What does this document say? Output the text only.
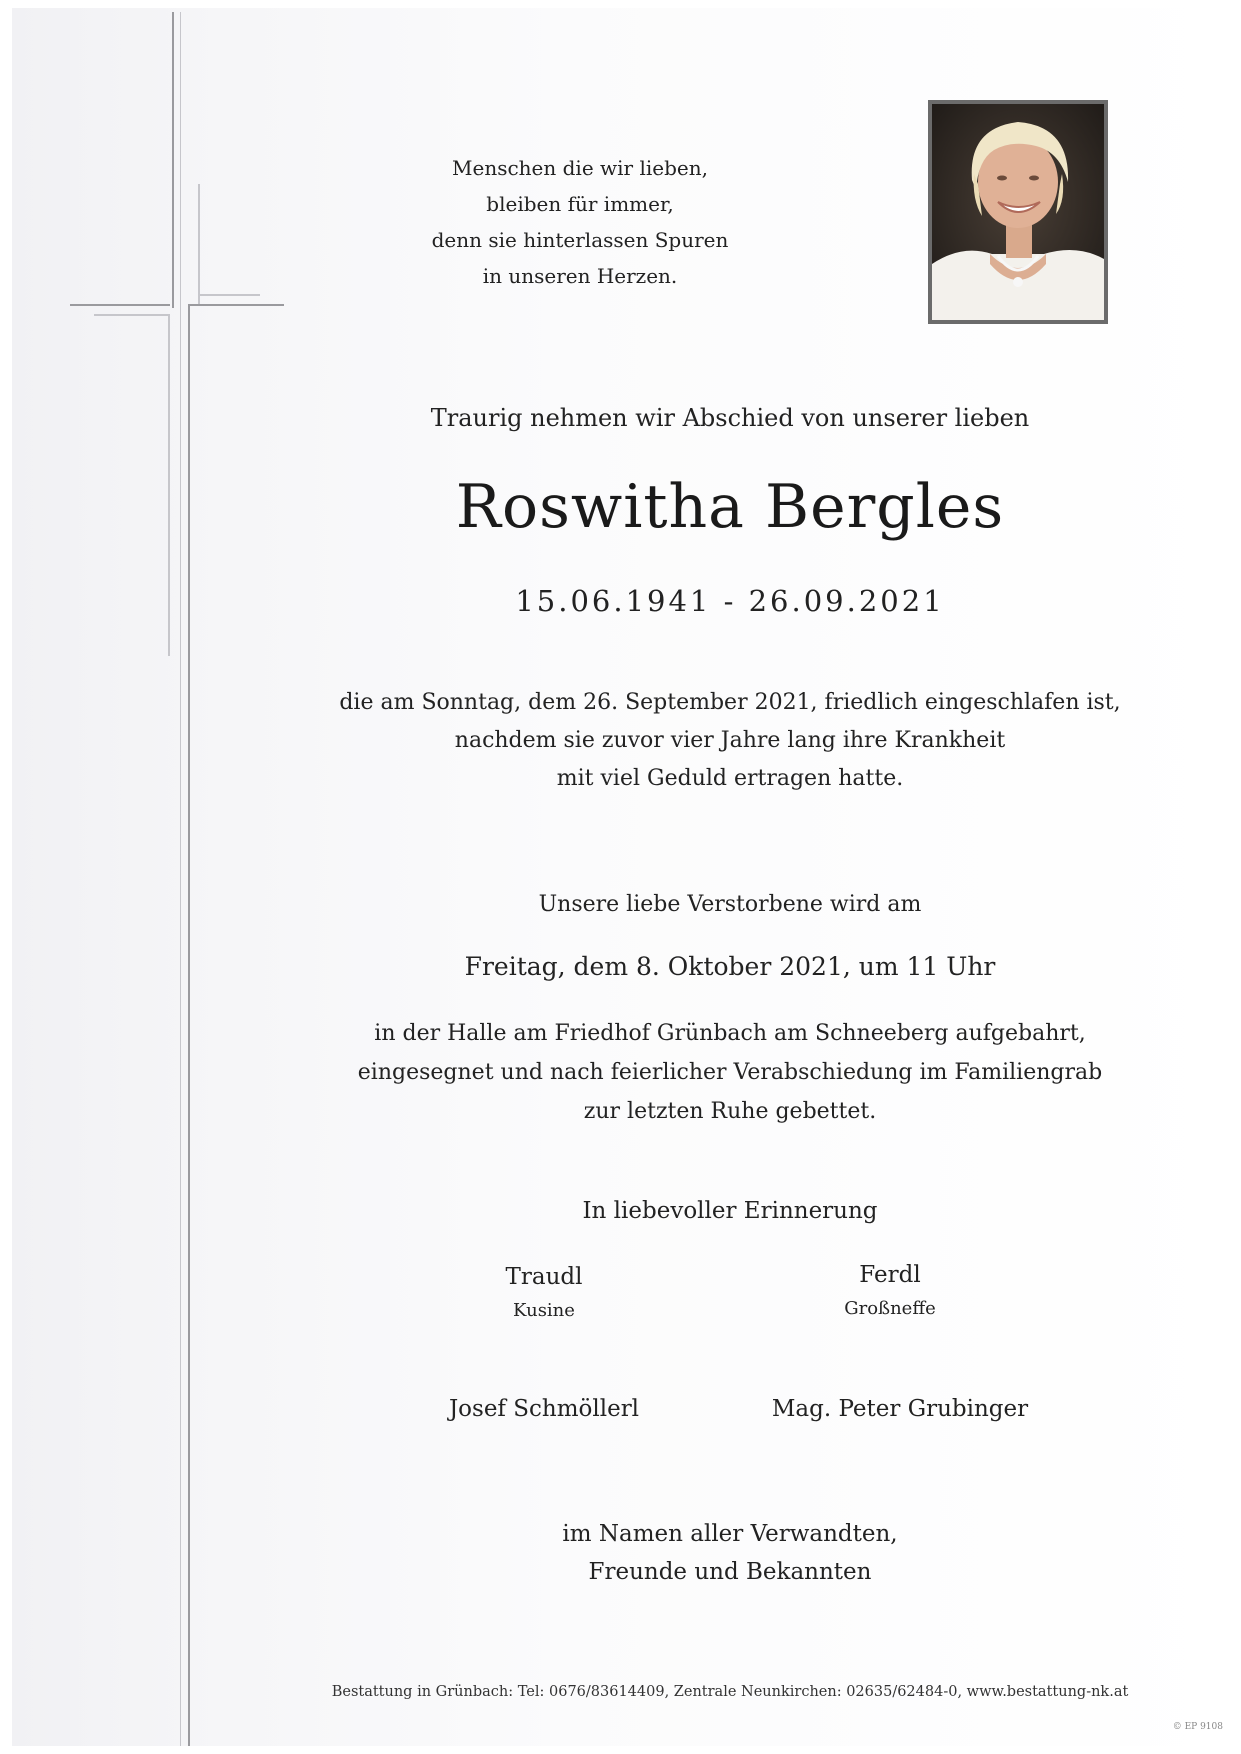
Menschen die wir lieben,
bleiben für immer,
denn sie hinterlassen Spuren
in unseren Herzen.
Traurig nehmen wir Abschied von unserer lieben
Roswitha Bergles
15.06.1941 - 26.09.2021
die am Sonntag, dem 26. September 2021, friedlich eingeschlafen ist,
nachdem sie zuvor vier Jahre lang ihre Krankheit
mit viel Geduld ertragen hatte.
Unsere liebe Verstorbene wird am
Freitag, dem 8. Oktober 2021, um 11 Uhr
in der Halle am Friedhof Grünbach am Schneeberg aufgebahrt,
eingesegnet und nach feierlicher Verabschiedung im Familiengrab
zur letzten Ruhe gebettet.
In liebevoller Erinnerung
Traudl
Kusine
Ferdl
Großneffe
Josef Schmöllerl	Mag. Peter Grubinger
im Namen aller Verwandten,
Freunde und Bekannten
Bestattung in Grünbach: Tel: 0676/83614409, Zentrale Neunkirchen: 02635/62484-0, www.bestattung-nk.at
© EP 9108
